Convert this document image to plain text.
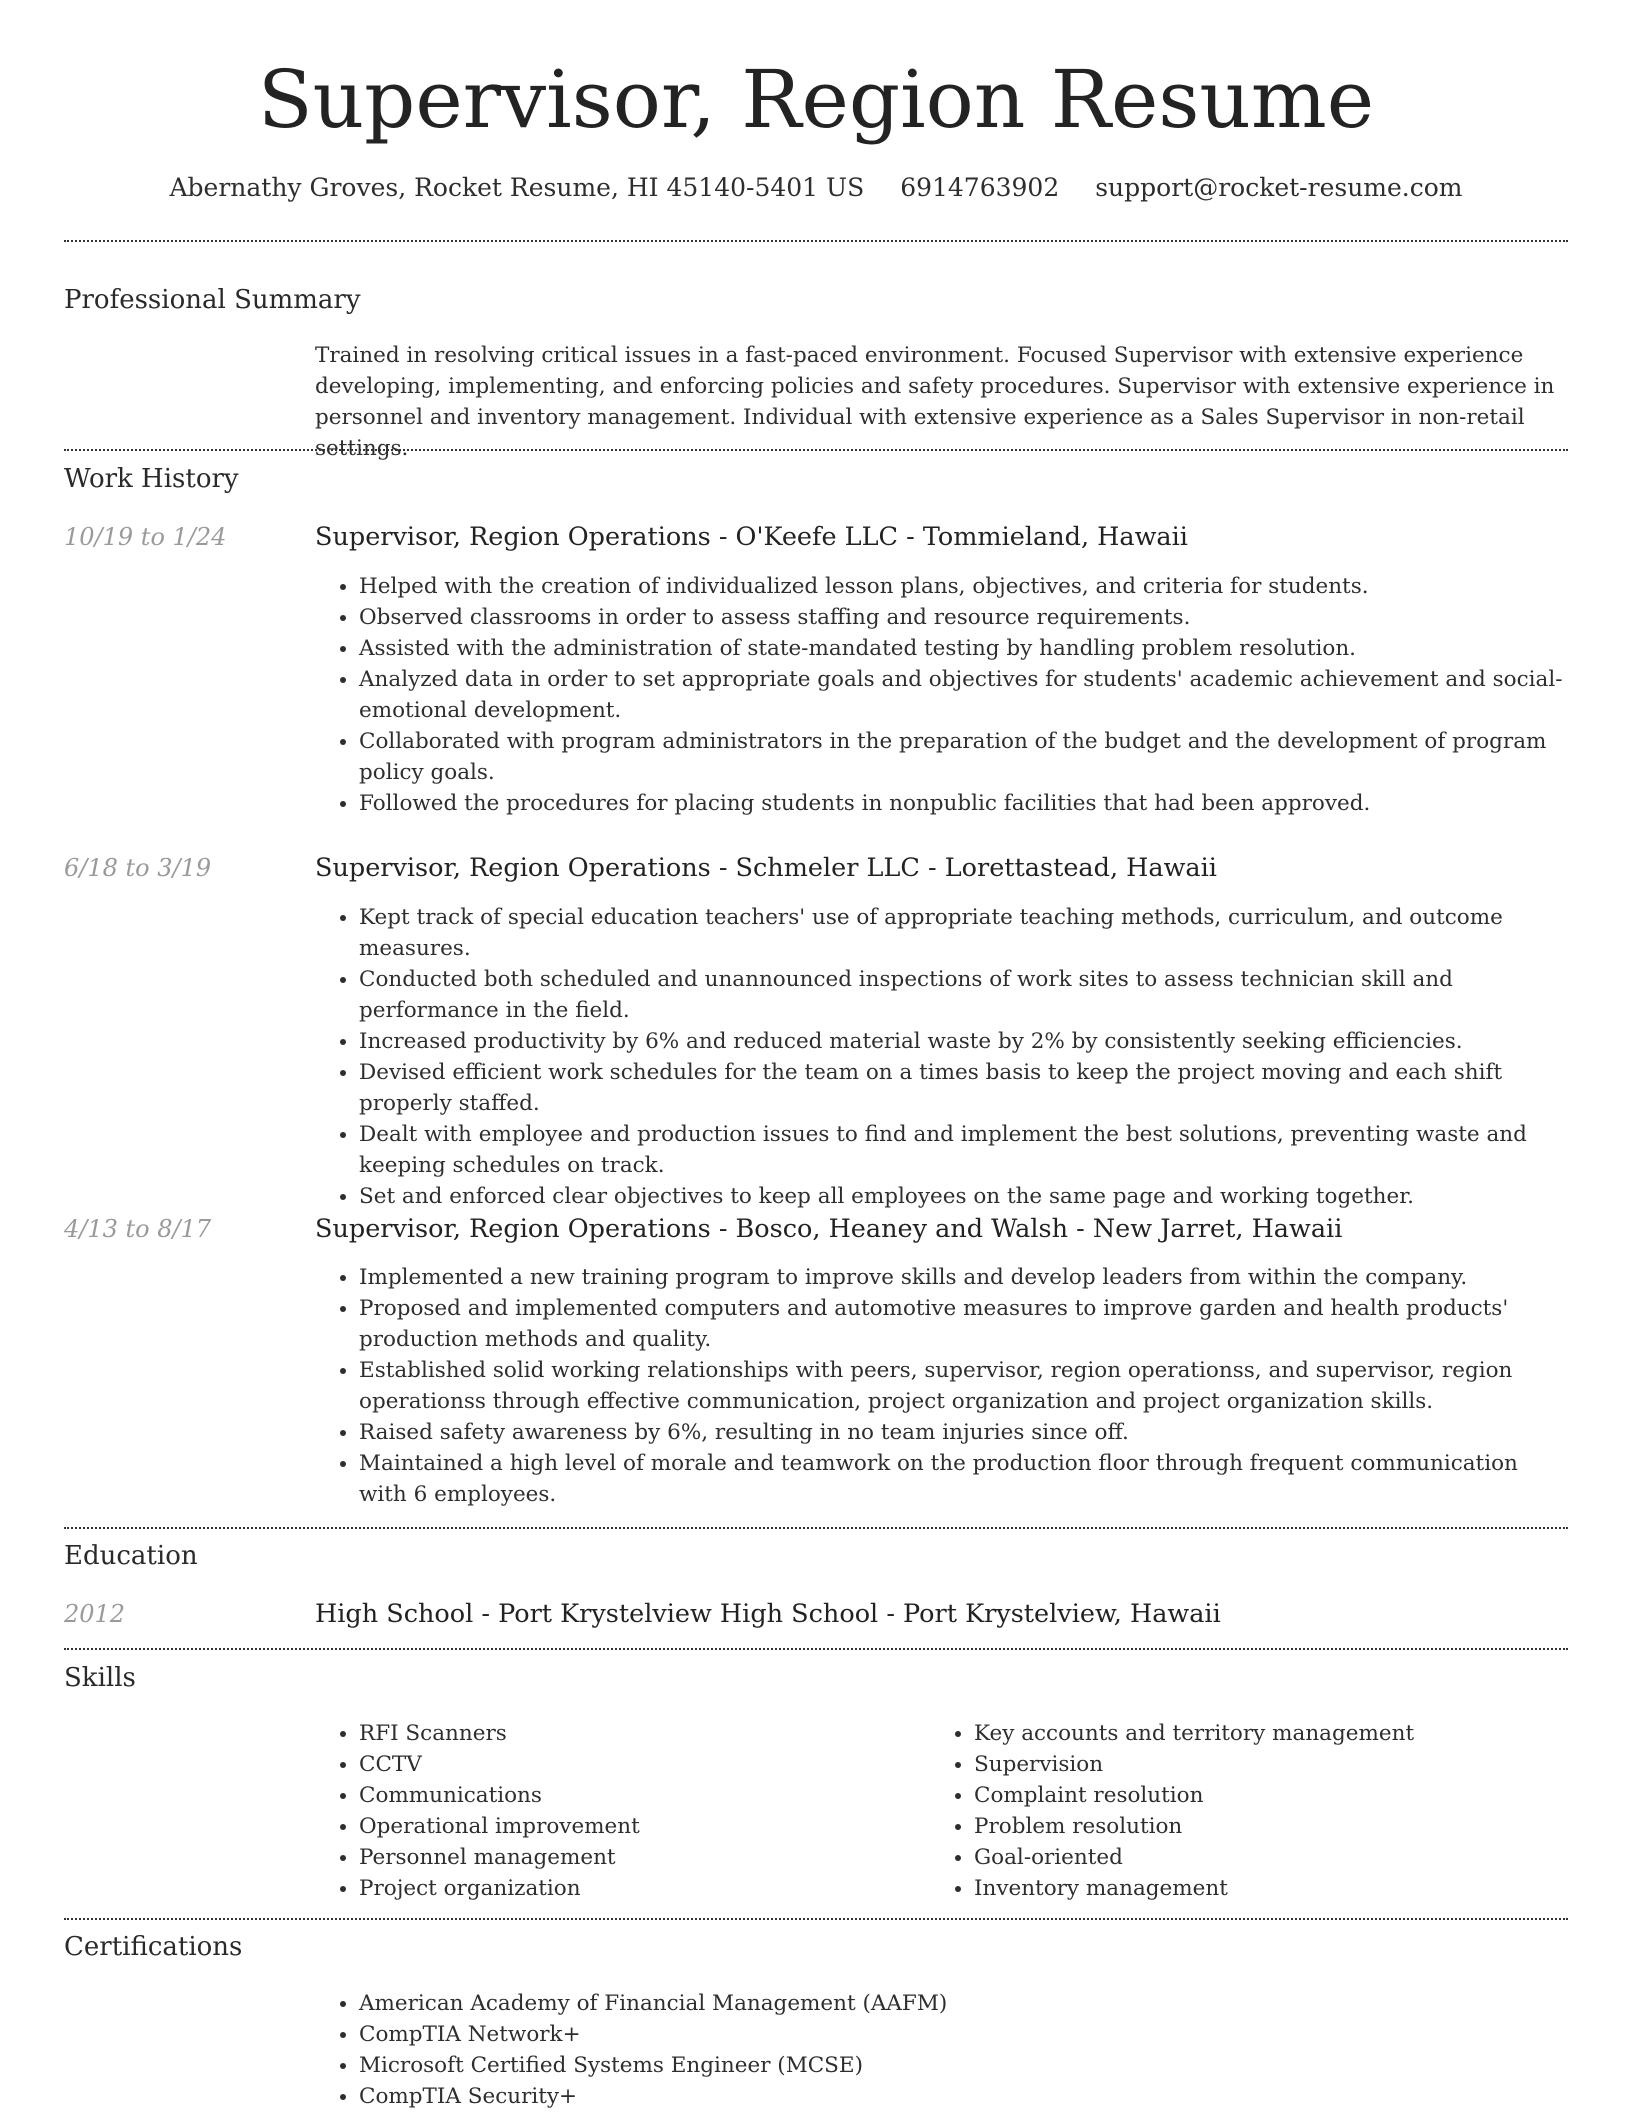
Supervisor, Region Resume
Abernathy Groves, Rocket Resume, HI 45140-5401 US 6914763902 support@rocket-resume.com
Professional Summary
Trained in resolving critical issues in a fast-paced environment. Focused Supervisor with extensive experience developing, implementing, and enforcing policies and safety procedures. Supervisor with extensive experience in personnel and inventory management. Individual with extensive experience as a Sales Supervisor in non-retail settings.
Work History
10/19 to 1/24	Supervisor, Region Operations - O'Keefe LLC - Tommieland, Hawaii
• Helped with the creation of individualized lesson plans, objectives, and criteria for students.
• Observed classrooms in order to assess staffing and resource requirements.
• Assisted with the administration of state-mandated testing by handling problem resolution.
• Analyzed data in order to set appropriate goals and objectives for students' academic achievement and social-emotional development.
• Collaborated with program administrators in the preparation of the budget and the development of program policy goals.
• Followed the procedures for placing students in nonpublic facilities that had been approved.
6/18 to 3/19	Supervisor, Region Operations - Schmeler LLC - Lorettastead, Hawaii
• Kept track of special education teachers' use of appropriate teaching methods, curriculum, and outcome measures.
• Conducted both scheduled and unannounced inspections of work sites to assess technician skill and performance in the field.
• Increased productivity by 6% and reduced material waste by 2% by consistently seeking efficiencies.
• Devised efficient work schedules for the team on a times basis to keep the project moving and each shift properly staffed.
• Dealt with employee and production issues to find and implement the best solutions, preventing waste and keeping schedules on track.
• Set and enforced clear objectives to keep all employees on the same page and working together.
4/13 to 8/17	Supervisor, Region Operations - Bosco, Heaney and Walsh - New Jarret, Hawaii
• Implemented a new training program to improve skills and develop leaders from within the company.
• Proposed and implemented computers and automotive measures to improve garden and health products' production methods and quality.
• Established solid working relationships with peers, supervisor, region operationss, and supervisor, region operationss through effective communication, project organization and project organization skills.
• Raised safety awareness by 6%, resulting in no team injuries since off.
• Maintained a high level of morale and teamwork on the production floor through frequent communication with 6 employees.
Education
2012	High School - Port Krystelview High School - Port Krystelview, Hawaii
Skills
• RFI Scanners
• CCTV
• Communications
• Operational improvement
• Personnel management
• Project organization
• Key accounts and territory management
• Supervision
• Complaint resolution
• Problem resolution
• Goal-oriented
• Inventory management
Certifications
• American Academy of Financial Management (AAFM)
• CompTIA Network+
• Microsoft Certified Systems Engineer (MCSE)
• CompTIA Security+
